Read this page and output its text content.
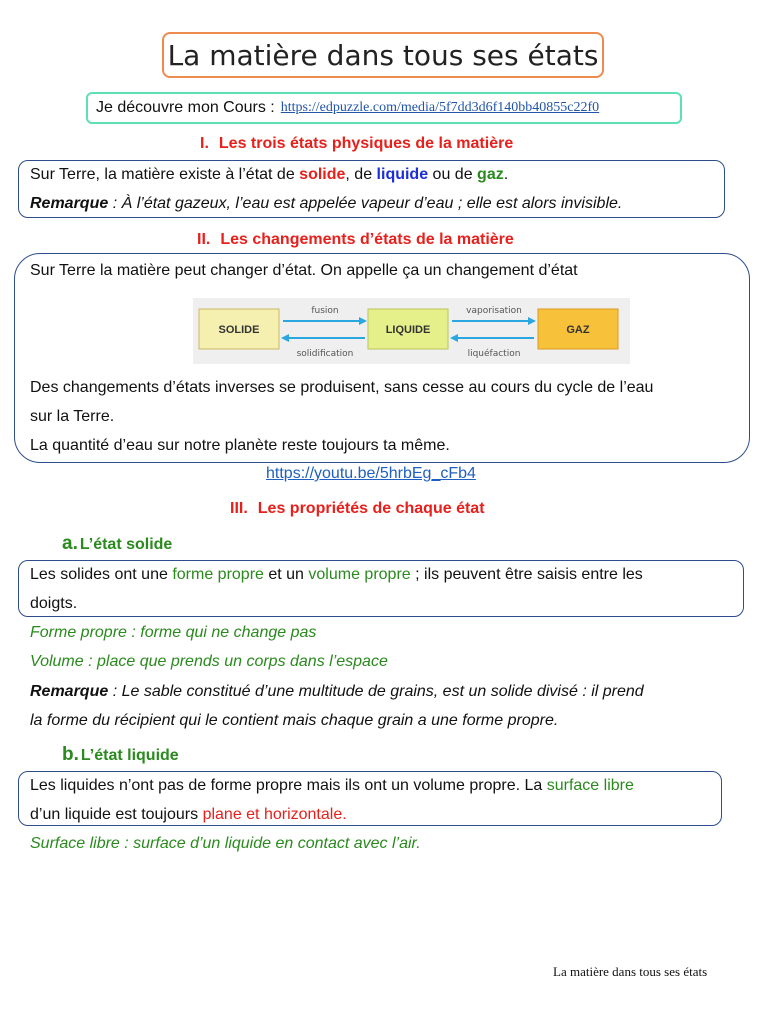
La matière dans tous ses états
Je découvre mon Cours : https://edpuzzle.com/media/5f7dd3d6f140bb40855c22f0
I. Les trois états physiques de la matière
Sur Terre, la matière existe à l’état de solide, de liquide ou de gaz.
Remarque : À l’état gazeux, l’eau est appelée vapeur d’eau ; elle est alors invisible.
II. Les changements d’états de la matière
Sur Terre la matière peut changer d’état. On appelle ça un changement d’état
SOLIDE	LIQUIDE	GAZ
fusion
solidification
vaporisation
liquéfaction
Des changements d’états inverses se produisent, sans cesse au cours du cycle de l’eau
sur la Terre.
La quantité d’eau sur notre planète reste toujours ta même.
https://youtu.be/5hrbEg_cFb4
III. Les propriétés de chaque état
a. L’état solide
Les solides ont une forme propre et un volume propre ; ils peuvent être saisis entre les
doigts.
Forme propre : forme qui ne change pas
Volume : place que prends un corps dans l’espace
Remarque : Le sable constitué d’une multitude de grains, est un solide divisé : il prend
la forme du récipient qui le contient mais chaque grain a une forme propre.
b. L’état liquide
Les liquides n’ont pas de forme propre mais ils ont un volume propre. La surface libre
d’un liquide est toujours plane et horizontale.
Surface libre : surface d’un liquide en contact avec l’air.
La matière dans tous ses états
